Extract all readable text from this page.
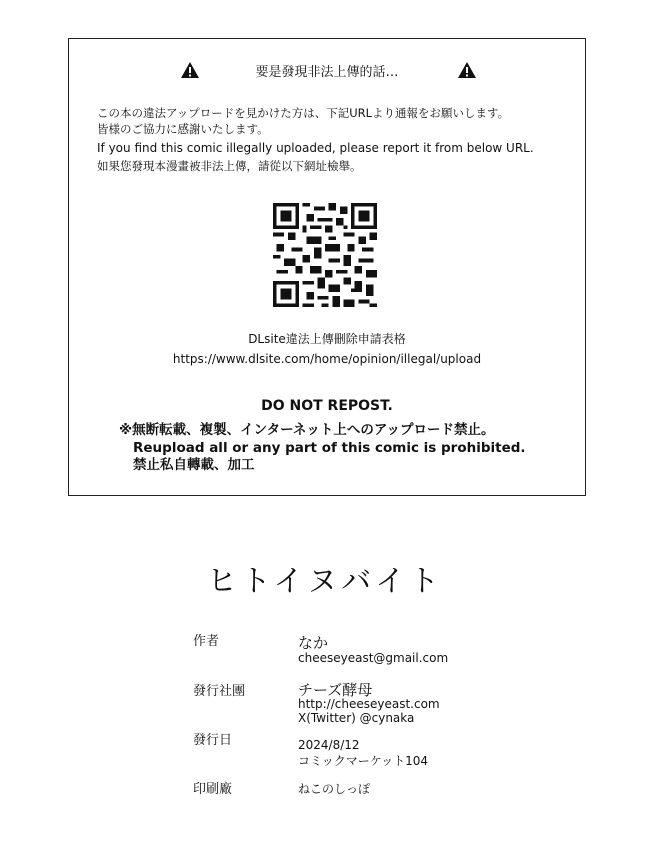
要是發現非法上傳的話…
この本の違法アップロードを見かけた方は、下記URLより通報をお願いします。
皆様のご協力に感謝いたします。
If you find this comic illegally uploaded, please report it from below URL.
如果您發現本漫畫被非法上傳，請從以下網址檢舉。
DLsite違法上傳刪除申請表格
https://www.dlsite.com/home/opinion/illegal/upload
DO NOT REPOST.
※無断転載、複製、インターネット上へのアップロード禁止。
Reupload all or any part of this comic is prohibited.
禁止私自轉載、加工
ヒトイヌバイト
作者	なか
cheeseyeast@gmail.com
發行社團	チーズ酵母
http://cheeseyeast.com
X(Twitter) @cynaka
發行日	2024/8/12
コミックマーケット104
印刷廠	ねこのしっぽ
